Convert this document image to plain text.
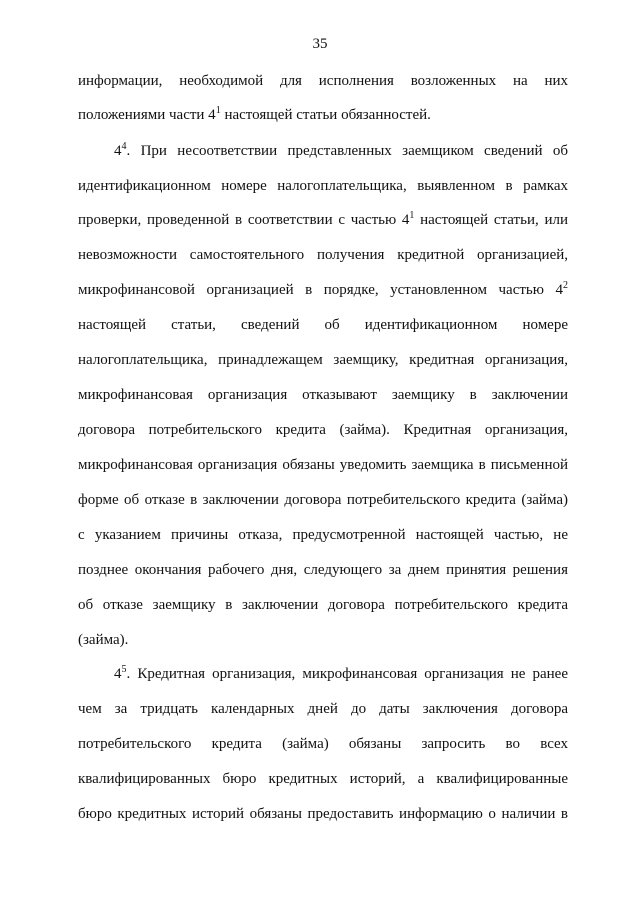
35
информации, необходимой для исполнения возложенных на них
положениями части $4^1$ настоящей статьи обязанностей.
$4^4$. При несоответствии представленных заемщиком сведений об
идентификационном номере налогоплательщика, выявленном в рамках
проверки, проведенной в соответствии с частью $4^1$ настоящей статьи, или
невозможности самостоятельного получения кредитной организацией,
микрофинансовой организацией в порядке, установленном частью $4^2$
настоящей статьи, сведений об идентификационном номере
налогоплательщика, принадлежащем заемщику, кредитная организация,
микрофинансовая организация отказывают заемщику в заключении
договора потребительского кредита (займа). Кредитная организация,
микрофинансовая организация обязаны уведомить заемщика в письменной
форме об отказе в заключении договора потребительского кредита (займа)
с указанием причины отказа, предусмотренной настоящей частью, не
позднее окончания рабочего дня, следующего за днем принятия решения
об отказе заемщику в заключении договора потребительского кредита
(займа).
$4^5$. Кредитная организация, микрофинансовая организация не ранее
чем за тридцать календарных дней до даты заключения договора
потребительского кредита (займа) обязаны запросить во всех
квалифицированных бюро кредитных историй, а квалифицированные
бюро кредитных историй обязаны предоставить информацию о наличии в
